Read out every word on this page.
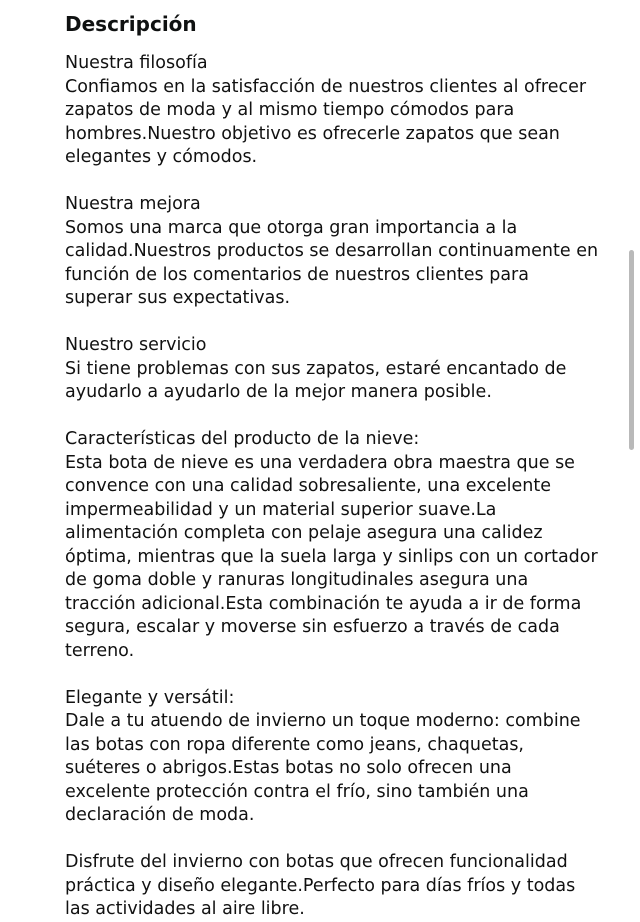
Descripción

Nuestra filosofía

Confiamos en la satisfacción de nuestros clientes al ofrecer zapatos de moda y al mismo tiempo cómodos para hombres.Nuestro objetivo es ofrecerle zapatos que sean elegantes y cómodos.

Nuestra mejora

Somos una marca que otorga gran importancia a la calidad.Nuestros productos se desarrollan continuamente en función de los comentarios de nuestros clientes para superar sus expectativas.

Nuestro servicio

Si tiene problemas con sus zapatos, estaré encantado de ayudarlo a ayudarlo de la mejor manera posible.

Características del producto de la nieve:

Esta bota de nieve es una verdadera obra maestra que se convence con una calidad sobresaliente, una excelente impermeabilidad y un material superior suave.La alimentación completa con pelaje asegura una calidez óptima, mientras que la suela larga y sinlips con un cortador de goma doble y ranuras longitudinales asegura una tracción adicional.Esta combinación te ayuda a ir de forma segura, escalar y moverse sin esfuerzo a través de cada terreno.

Elegante y versátil:

Dale a tu atuendo de invierno un toque moderno: combine las botas con ropa diferente como jeans, chaquetas, suéteres o abrigos.Estas botas no solo ofrecen una excelente protección contra el frío, sino también una declaración de moda.

Disfrute del invierno con botas que ofrecen funcionalidad práctica y diseño elegante.Perfecto para días fríos y todas las actividades al aire libre.
